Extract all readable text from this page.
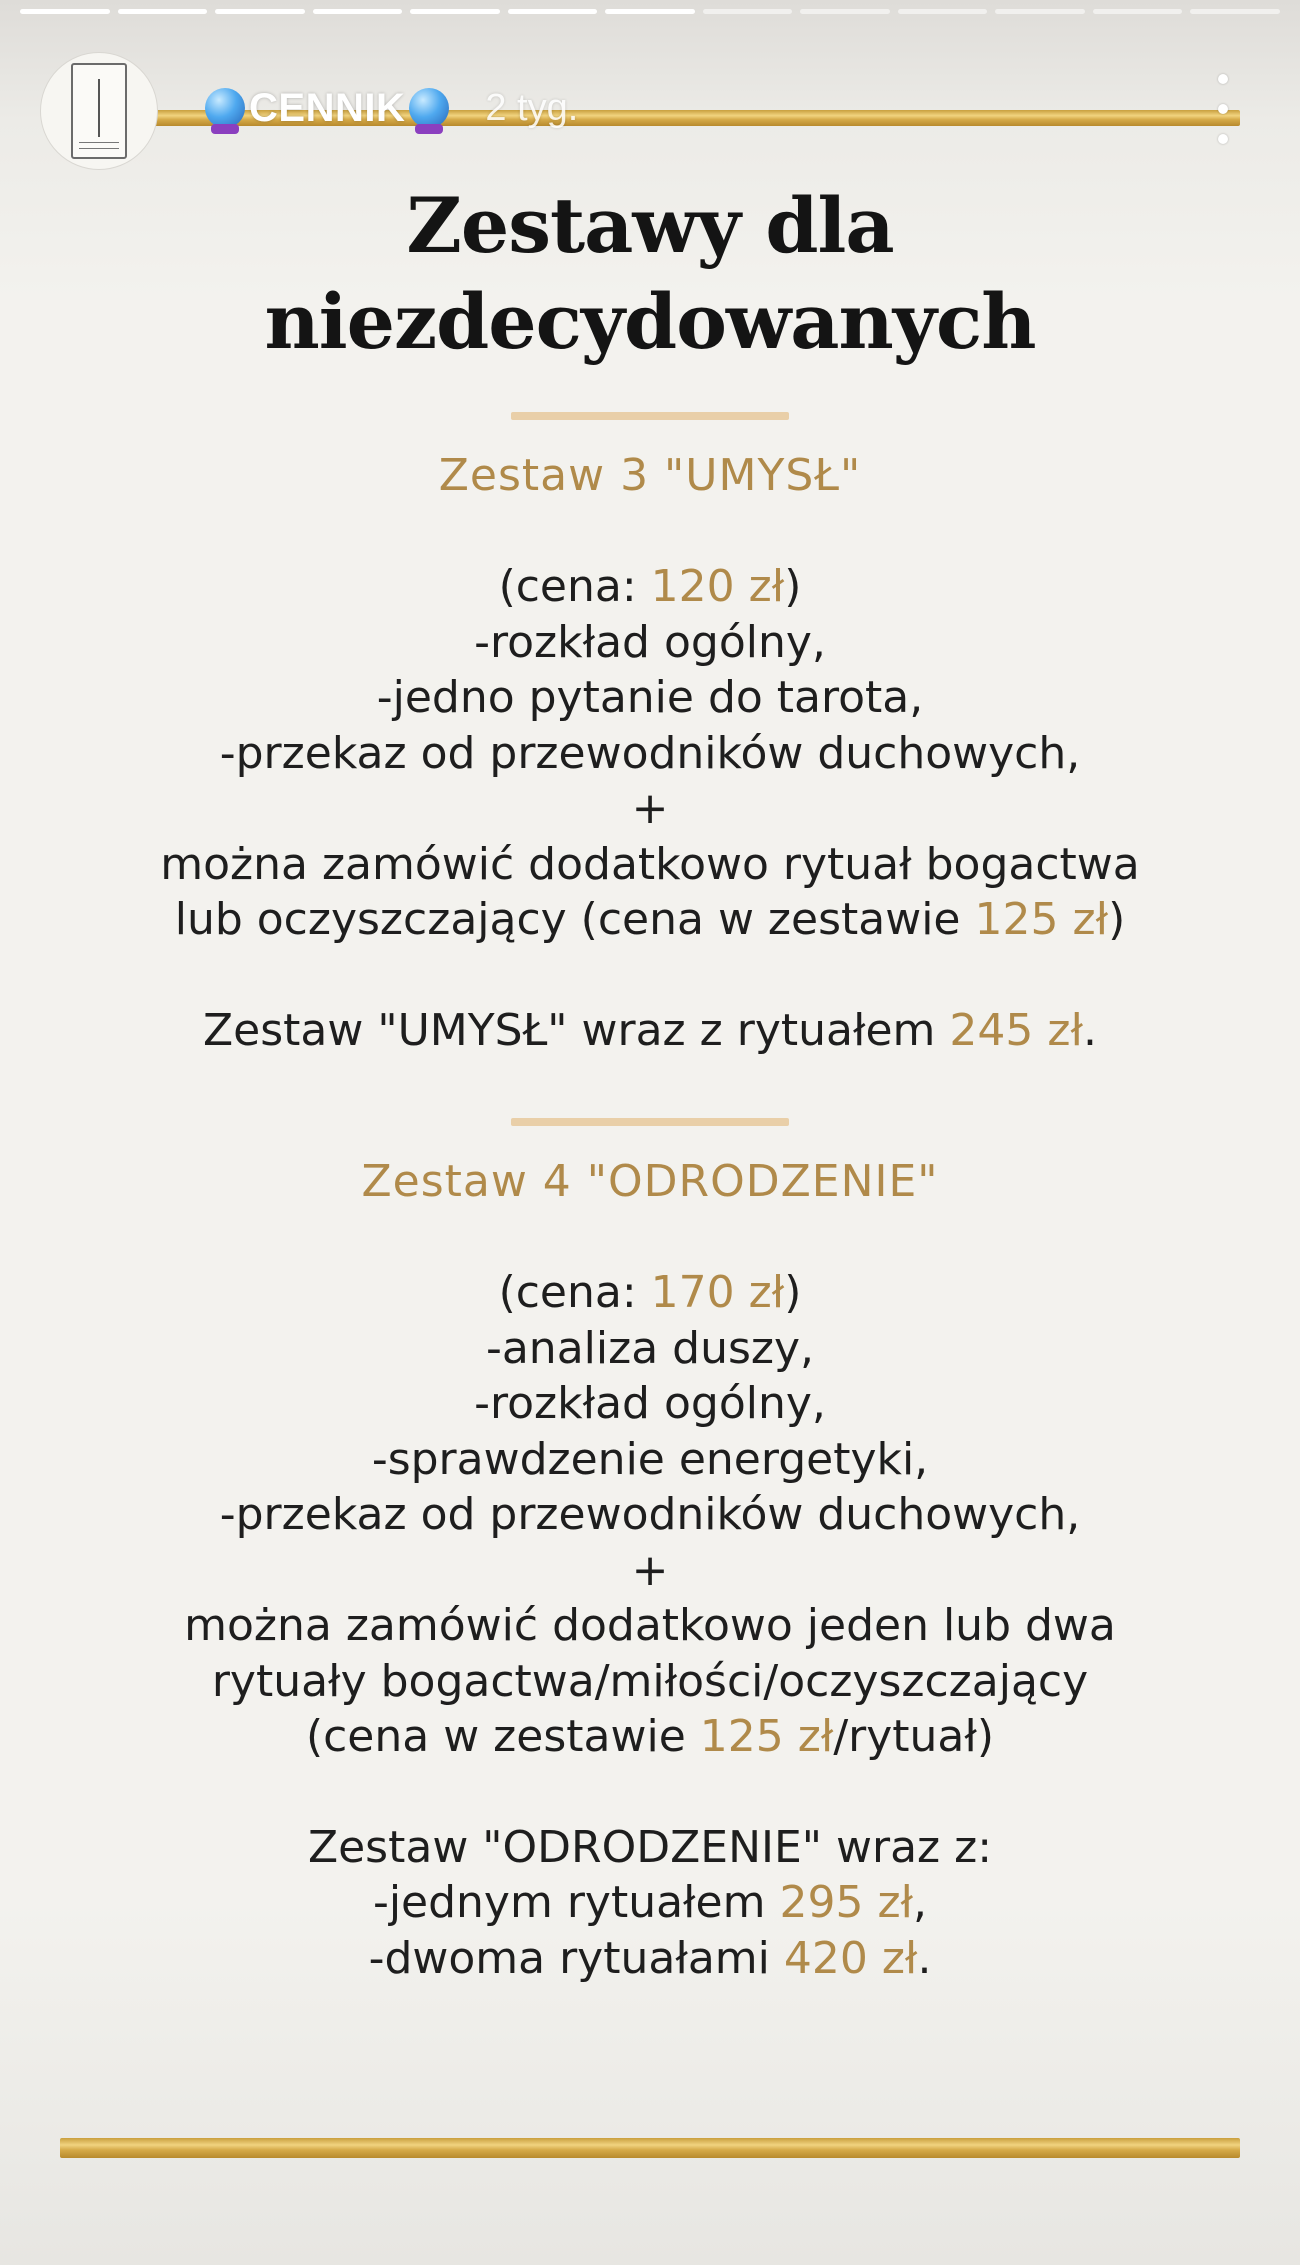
CENNIK 2 tyg.
Zestawy dla
niezdecydowanych
Zestaw 3 "UMYSŁ"
(cena: 120 zł)
-rozkład ogólny,
-jedno pytanie do tarota,
-przekaz od przewodników duchowych,
+
można zamówić dodatkowo rytuał bogactwa
lub oczyszczający (cena w zestawie 125 zł)
Zestaw "UMYSŁ" wraz z rytuałem 245 zł.
Zestaw 4 "ODRODZENIE"
(cena: 170 zł)
-analiza duszy,
-rozkład ogólny,
-sprawdzenie energetyki,
-przekaz od przewodników duchowych,
+
można zamówić dodatkowo jeden lub dwa
rytuały bogactwa/miłości/oczyszczający
(cena w zestawie 125 zł/rytuał)
Zestaw "ODRODZENIE" wraz z:
-jednym rytuałem 295 zł,
-dwoma rytuałami 420 zł.
